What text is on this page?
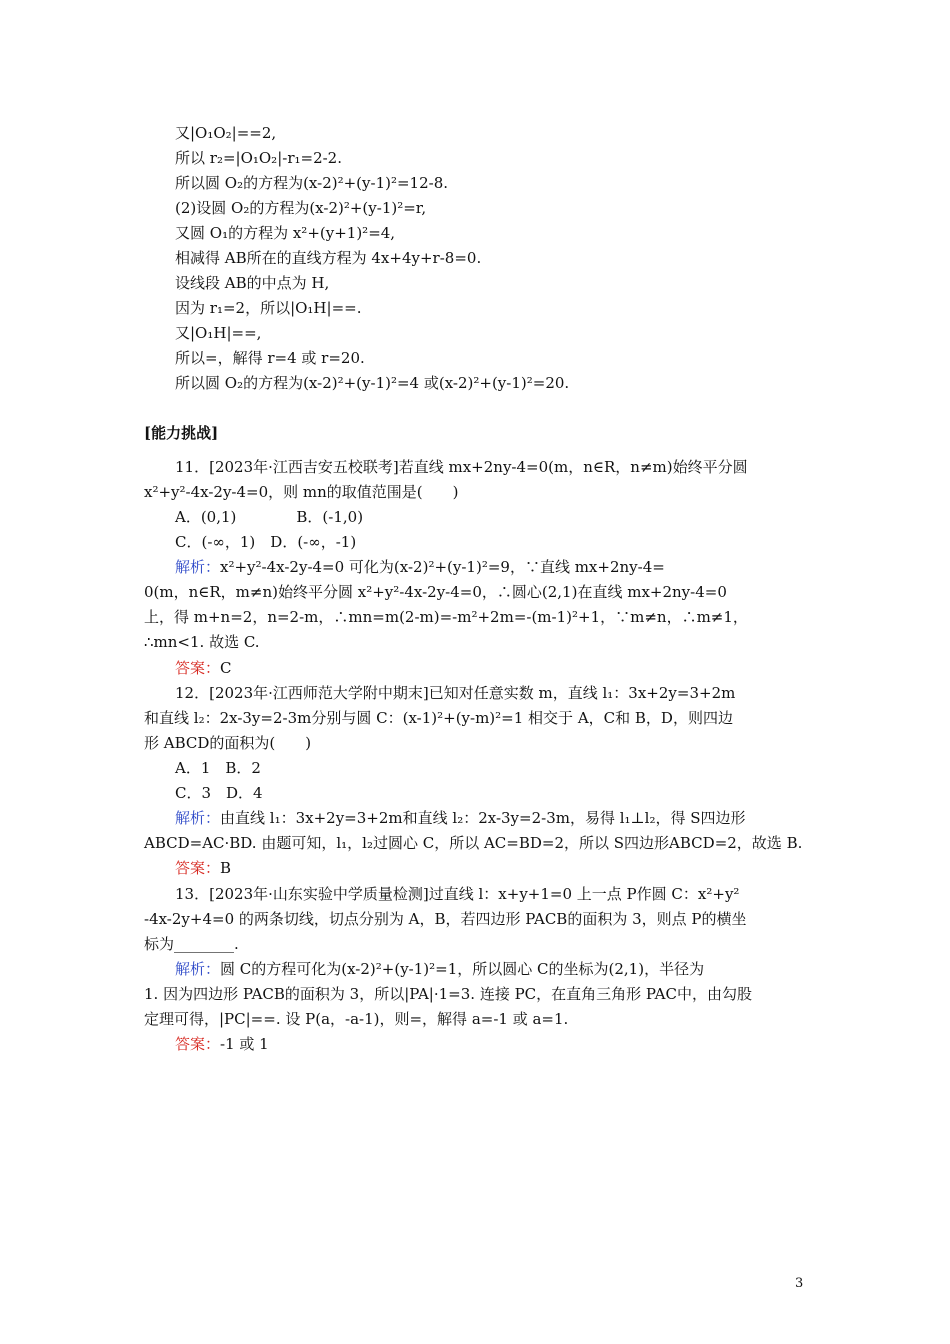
又|O₁O₂|==2,
所以 r₂=|O₁O₂|-r₁=2-2.
所以圆 O₂的方程为(x-2)²+(y-1)²=12-8.
(2)设圆 O₂的方程为(x-2)²+(y-1)²=r,
又圆 O₁的方程为 x²+(y+1)²=4,
相减得 AB所在的直线方程为 4x+4y+r-8=0.
设线段 AB的中点为 H,
因为 r₁=2，所以|O₁H|==.
又|O₁H|==,
所以=，解得 r=4 或 r=20.
所以圆 O₂的方程为(x-2)²+(y-1)²=4 或(x-2)²+(y-1)²=20.
[能力挑战]
11．[2023年·江西吉安五校联考]若直线 mx+2ny-4=0(m，n∈R，n≠m)始终平分圆
x²+y²-4x-2y-4=0，则 mn的取值范围是(　　)
A．(0,1)　　　　B．(-1,0)
C．(-∞，1)　D．(-∞，-1)
解析：x²+y²-4x-2y-4=0 可化为(x-2)²+(y-1)²=9，∵直线 mx+2ny-4=
0(m，n∈R，m≠n)始终平分圆 x²+y²-4x-2y-4=0，∴圆心(2,1)在直线 mx+2ny-4=0
上，得 m+n=2，n=2-m，∴mn=m(2-m)=-m²+2m=-(m-1)²+1，∵m≠n，∴m≠1，
∴mn<1. 故选 C.
答案：C
12．[2023年·江西师范大学附中期末]已知对任意实数 m，直线 l₁：3x+2y=3+2m
和直线 l₂：2x-3y=2-3m分别与圆 C：(x-1)²+(y-m)²=1 相交于 A，C和 B，D，则四边
形 ABCD的面积为(　　)
A．1　B．2
C．3　D．4
解析：由直线 l₁：3x+2y=3+2m和直线 l₂：2x-3y=2-3m，易得 l₁⊥l₂，得 S四边形
ABCD=AC·BD. 由题可知，l₁，l₂过圆心 C，所以 AC=BD=2，所以 S四边形ABCD=2，故选 B.
答案：B
13．[2023年·山东实验中学质量检测]过直线 l：x+y+1=0 上一点 P作圆 C：x²+y²
-4x-2y+4=0 的两条切线，切点分别为 A，B，若四边形 PACB的面积为 3，则点 P的横坐
标为________.
解析：圆 C的方程可化为(x-2)²+(y-1)²=1，所以圆心 C的坐标为(2,1)，半径为
1. 因为四边形 PACB的面积为 3，所以|PA|·1=3. 连接 PC，在直角三角形 PAC中，由勾股
定理可得，|PC|==. 设 P(a，-a-1)，则=，解得 a=-1 或 a=1.
答案：-1 或 1
3
